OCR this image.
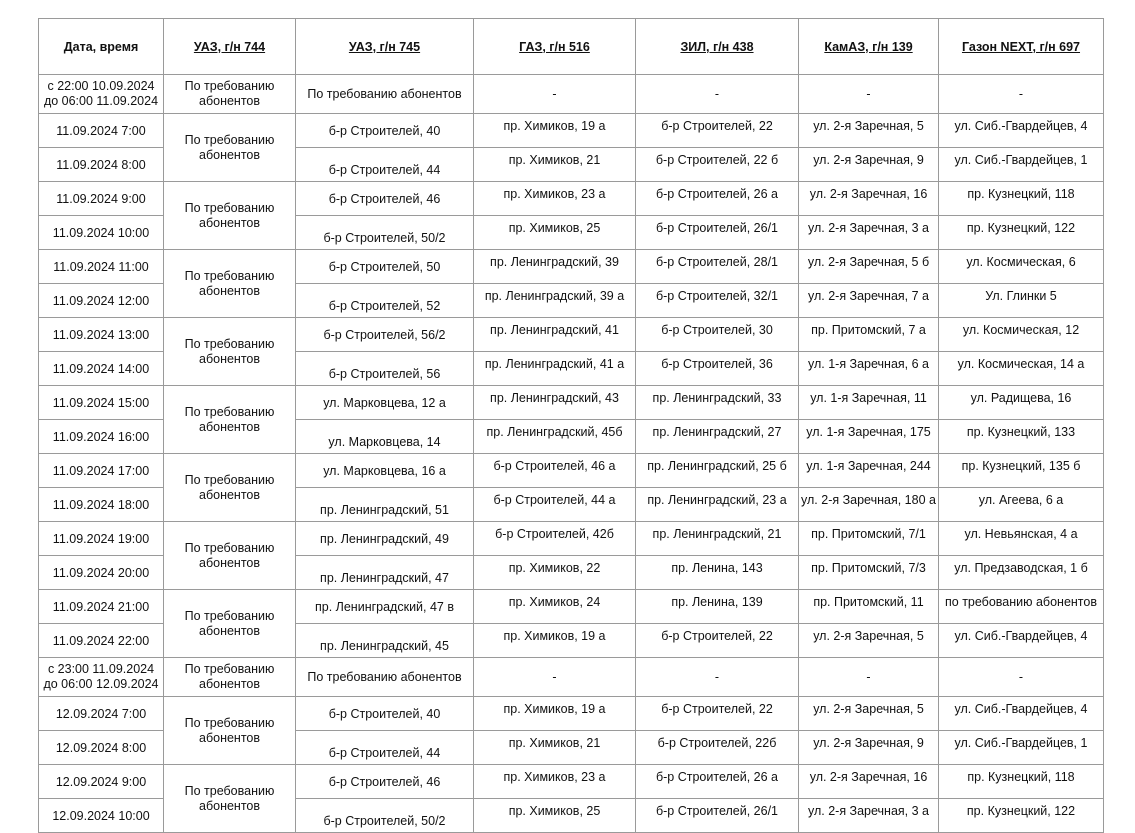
Дата, время	УАЗ, г/н 744	УАЗ, г/н 745	ГАЗ, г/н 516	ЗИЛ, г/н 438	КамАЗ, г/н 139	Газон NEXT, г/н 697
с 22:00 10.09.2024 до 06:00 11.09.2024	По требованию абонентов	По требованию абонентов	-	-	-	-
11.09.2024 7:00	По требованию абонентов	б-р Строителей, 40	пр. Химиков, 19 а	б-р Строителей, 22	ул. 2-я Заречная, 5	ул. Сиб.-Гвардейцев, 4
11.09.2024 8:00		б-р Строителей, 44	пр. Химиков, 21	б-р Строителей, 22 б	ул. 2-я Заречная, 9	ул. Сиб.-Гвардейцев, 1
11.09.2024 9:00	По требованию абонентов	б-р Строителей, 46	пр. Химиков, 23 а	б-р Строителей, 26 а	ул. 2-я Заречная, 16	пр. Кузнецкий, 118
11.09.2024 10:00		б-р Строителей, 50/2	пр. Химиков, 25	б-р Строителей, 26/1	ул. 2-я Заречная, 3 а	пр. Кузнецкий, 122
11.09.2024 11:00	По требованию абонентов	б-р Строителей, 50	пр. Ленинградский, 39	б-р Строителей, 28/1	ул. 2-я Заречная, 5 б	ул. Космическая, 6
11.09.2024 12:00		б-р Строителей, 52	пр. Ленинградский, 39 а	б-р Строителей, 32/1	ул. 2-я Заречная, 7 а	Ул. Глинки 5
11.09.2024 13:00	По требованию абонентов	б-р Строителей, 56/2	пр. Ленинградский, 41	б-р Строителей, 30	пр. Притомский, 7 а	ул. Космическая, 12
11.09.2024 14:00		б-р Строителей, 56	пр. Ленинградский, 41 а	б-р Строителей, 36	ул. 1-я Заречная, 6 а	ул. Космическая, 14 а
11.09.2024 15:00	По требованию абонентов	ул. Марковцева, 12 а	пр. Ленинградский, 43	пр. Ленинградский, 33	ул. 1-я Заречная, 11	ул. Радищева, 16
11.09.2024 16:00		ул. Марковцева, 14	пр. Ленинградский, 45б	пр. Ленинградский, 27	ул. 1-я Заречная, 175	пр. Кузнецкий, 133
11.09.2024 17:00	По требованию абонентов	ул. Марковцева, 16 а	б-р Строителей, 46 а	пр. Ленинградский, 25 б	ул. 1-я Заречная, 244	пр. Кузнецкий, 135 б
11.09.2024 18:00		пр. Ленинградский, 51	б-р Строителей, 44 а	пр. Ленинградский, 23 а	ул. 2-я Заречная, 180 а	ул. Агеева, 6 а
11.09.2024 19:00	По требованию абонентов	пр. Ленинградский, 49	б-р Строителей, 42б	пр. Ленинградский, 21	пр. Притомский, 7/1	ул. Невьянская, 4 а
11.09.2024 20:00		пр. Ленинградский, 47	пр. Химиков, 22	пр. Ленина, 143	пр. Притомский, 7/3	ул. Предзаводская, 1 б
11.09.2024 21:00	По требованию абонентов	пр. Ленинградский, 47 в	пр. Химиков, 24	пр. Ленина, 139	пр. Притомский, 11	по требованию абонентов
11.09.2024 22:00		пр. Ленинградский, 45	пр. Химиков, 19 а	б-р Строителей, 22	ул. 2-я Заречная, 5	ул. Сиб.-Гвардейцев, 4
с 23:00 11.09.2024 до 06:00 12.09.2024	По требованию абонентов	По требованию абонентов	-	-	-	-
12.09.2024 7:00	По требованию абонентов	б-р Строителей, 40	пр. Химиков, 19 а	б-р Строителей, 22	ул. 2-я Заречная, 5	ул. Сиб.-Гвардейцев, 4
12.09.2024 8:00		б-р Строителей, 44	пр. Химиков, 21	б-р Строителей, 22б	ул. 2-я Заречная, 9	ул. Сиб.-Гвардейцев, 1
12.09.2024 9:00	По требованию абонентов	б-р Строителей, 46	пр. Химиков, 23 а	б-р Строителей, 26 а	ул. 2-я Заречная, 16	пр. Кузнецкий, 118
12.09.2024 10:00		б-р Строителей, 50/2	пр. Химиков, 25	б-р Строителей, 26/1	ул. 2-я Заречная, 3 а	пр. Кузнецкий, 122
